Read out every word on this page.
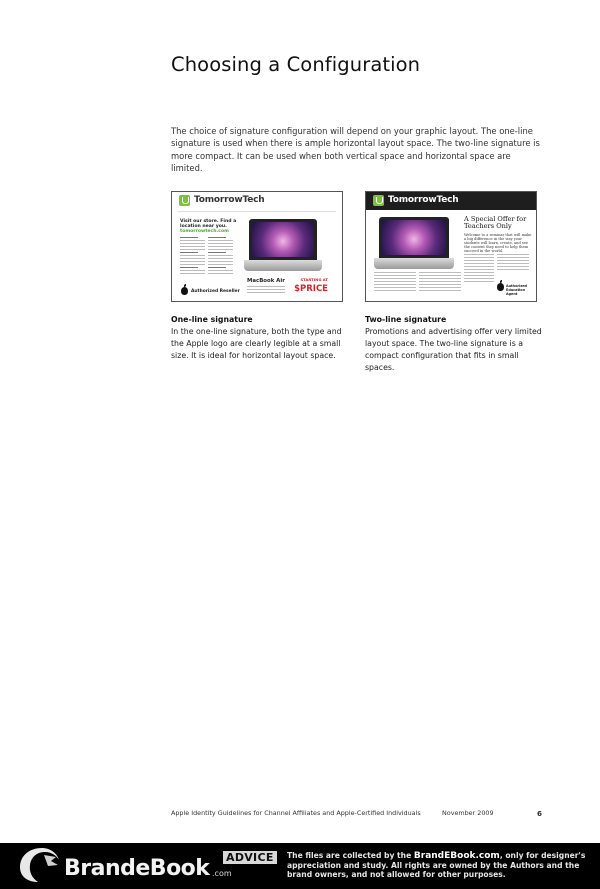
Choosing a Configuration

The choice of signature configuration will depend on your graphic layout. The one-line signature is used when there is ample horizontal layout space. The two-line signature is more compact. It can be used when both vertical space and horizontal space are limited.

TomorrowTech
Visit our store. Find a location near you.
tomorrowtech.com
MacBook Air	STARTING AT
$PRICE
Authorized Reseller
TomorrowTech
A Special Offer for Teachers Only
Welcome to a seminar that will make a big difference in the way your students will learn, create, and see the content they need to help them succeed in the world.
Authorized Education Agent
One-line signature
In the one-line signature, both the type and the Apple logo are clearly legible at a small size. It is ideal for horizontal layout space.
Two-line signature
Promotions and advertising offer very limited layout space. The two-line signature is a compact configuration that fits in small spaces.
Apple Identity Guidelines for Channel Affiliates and Apple-Certified Individuals	November 2009	6
BrandeBook .com
ADVICE	The files are collected by the BrandEBook.com, only for designer's appreciation and study. All rights are owned by the Authors and the brand owners, and not allowed for other purposes.
